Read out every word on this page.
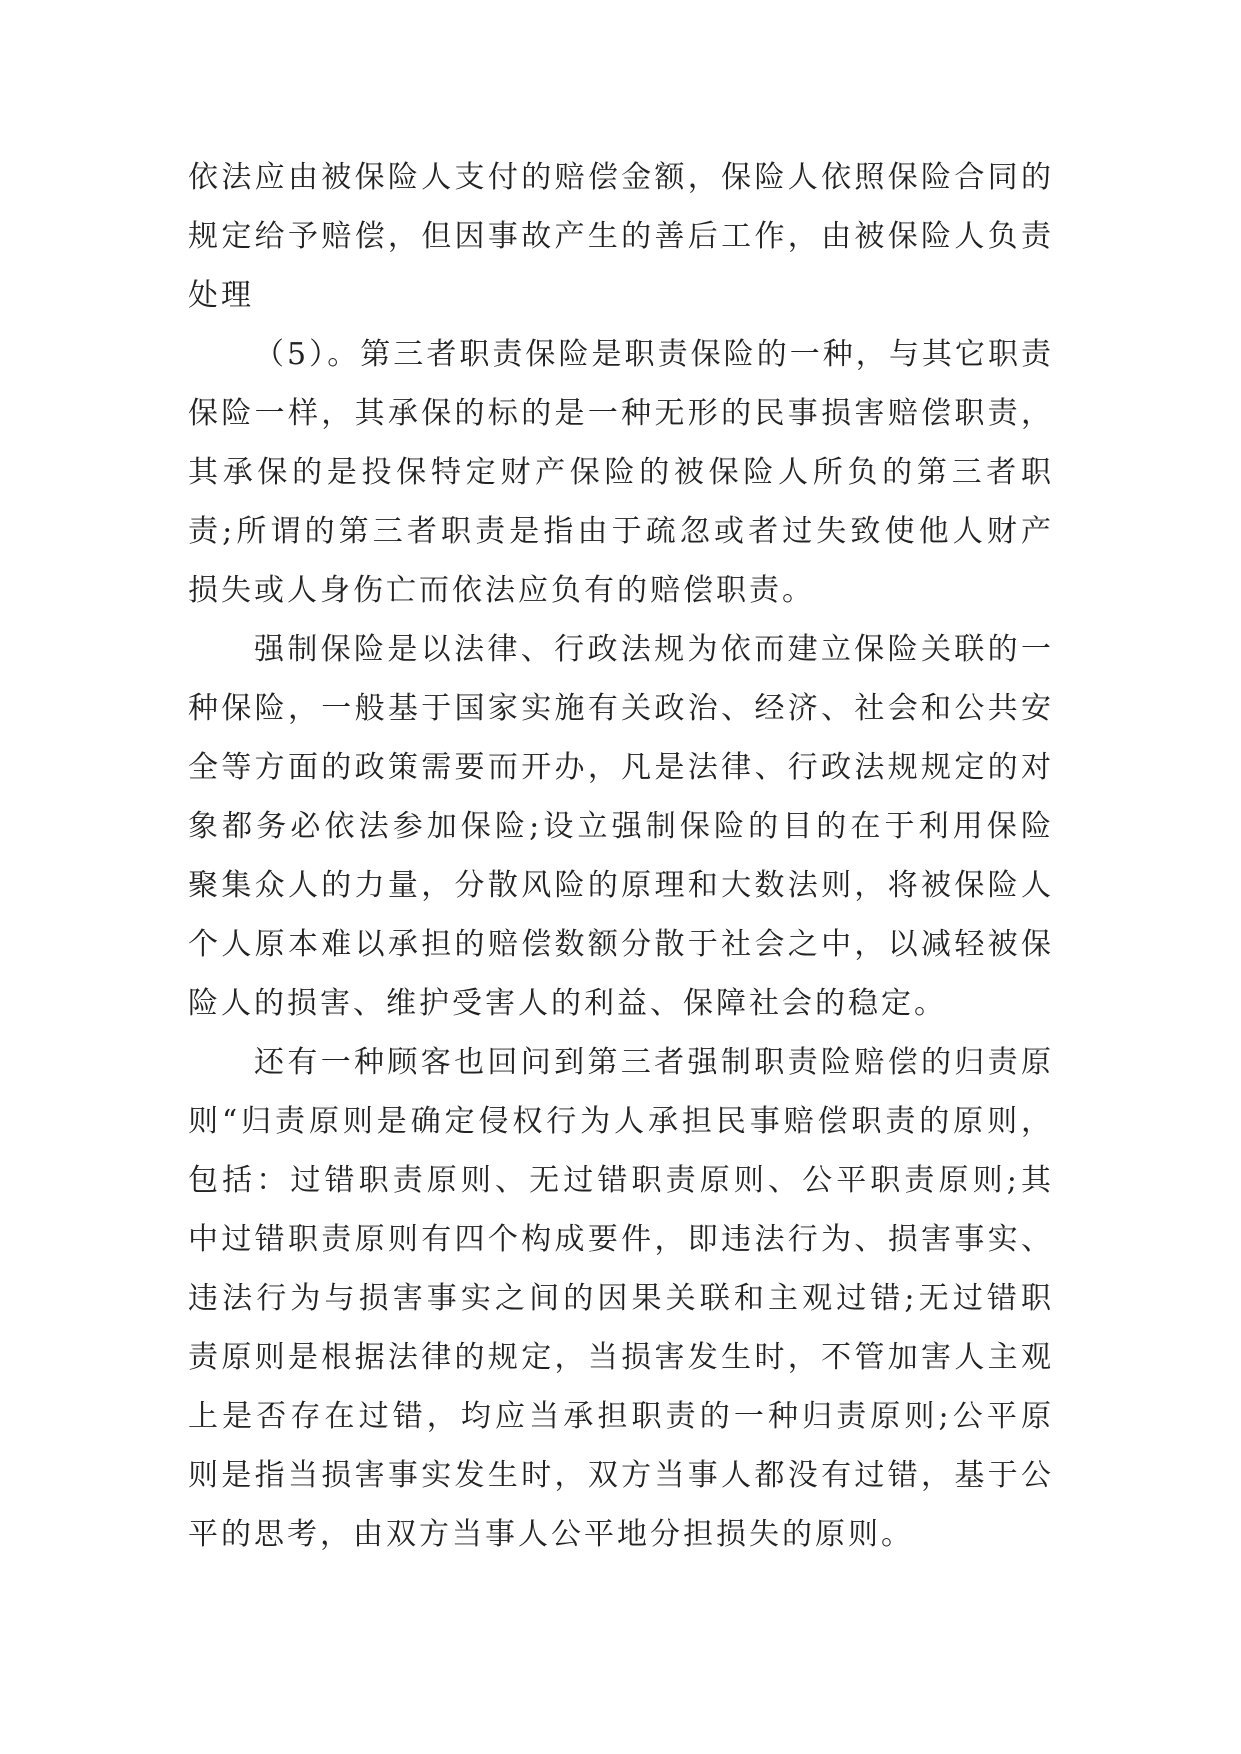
依法应由被保险人支付的赔偿金额，保险人依照保险合同的规定给予赔偿，但因事故产生的善后工作，由被保险人负责处理

（5）。第三者职责保险是职责保险的一种，与其它职责保险一样，其承保的标的是一种无形的民事损害赔偿职责，其承保的是投保特定财产保险的被保险人所负的第三者职责;所谓的第三者职责是指由于疏忽或者过失致使他人财产损失或人身伤亡而依法应负有的赔偿职责。

强制保险是以法律、行政法规为依而建立保险关联的一种保险，一般基于国家实施有关政治、经济、社会和公共安全等方面的政策需要而开办，凡是法律、行政法规规定的对象都务必依法参加保险;设立强制保险的目的在于利用保险聚集众人的力量，分散风险的原理和大数法则，将被保险人个人原本难以承担的赔偿数额分散于社会之中，以减轻被保险人的损害、维护受害人的利益、保障社会的稳定。

还有一种顾客也回问到第三者强制职责险赔偿的归责原则“归责原则是确定侵权行为人承担民事赔偿职责的原则，包括：过错职责原则、无过错职责原则、公平职责原则;其中过错职责原则有四个构成要件，即违法行为、损害事实、违法行为与损害事实之间的因果关联和主观过错;无过错职责原则是根据法律的规定，当损害发生时，不管加害人主观上是否存在过错，均应当承担职责的一种归责原则;公平原则是指当损害事实发生时，双方当事人都没有过错，基于公平的思考，由双方当事人公平地分担损失的原则。
